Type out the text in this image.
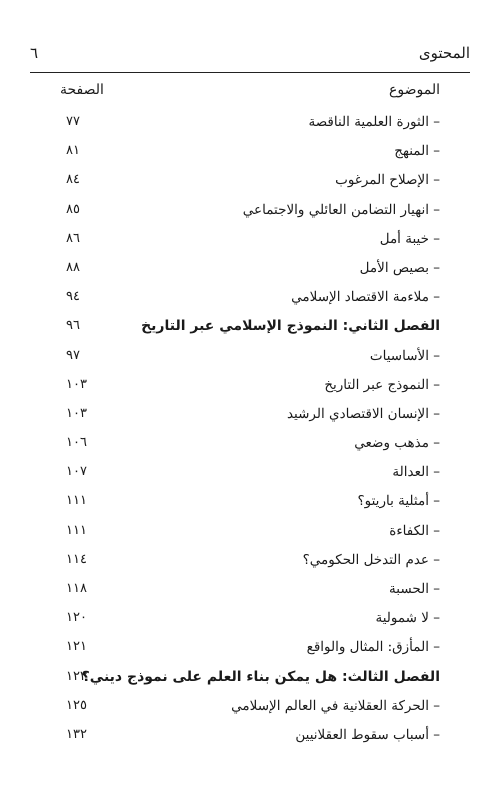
٦	المحتوى
الموضوع
الصفحة
– الثورة العلمية الناقصة
٧٧
– المنهج
٨١
– الإصلاح المرغوب
٨٤
– انهيار التضامن العائلي والاجتماعي
٨٥
– خيبة أمل
٨٦
– بصيص الأمل
٨٨
– ملاءمة الاقتصاد الإسلامي
٩٤
الفصل الثاني: النموذج الإسلامي عبر التاريخ
٩٦
– الأساسيات
٩٧
– النموذج عبر التاريخ
١٠٣
– الإنسان الاقتصادي الرشيد
١٠٣
– مذهب وضعي
١٠٦
– العدالة
١٠٧
– أمثلية باريتو؟
١١١
– الكفاءة
١١١
– عدم التدخل الحكومي؟
١١٤
– الحسبة
١١٨
– لا شمولية
١٢٠
– المأزق: المثال والواقع
١٢١
الفصل الثالث: هل يمكن بناء العلم على نموذج ديني؟
١٢٣
– الحركة العقلانية في العالم الإسلامي
١٢٥
– أسباب سقوط العقلانيين
١٣٢
